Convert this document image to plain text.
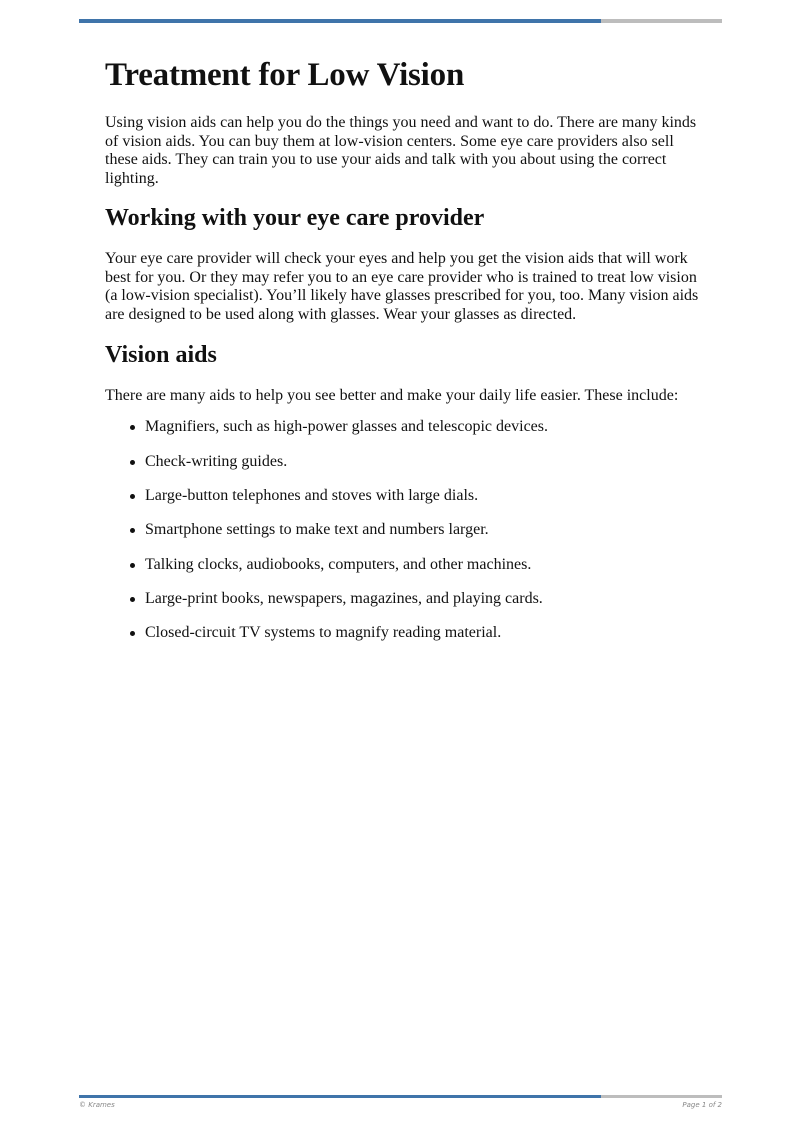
Treatment for Low Vision

Using vision aids can help you do the things you need and want to do. There are many kinds of vision aids. You can buy them at low-vision centers. Some eye care providers also sell these aids. They can train you to use your aids and talk with you about using the correct lighting.

Working with your eye care provider

Your eye care provider will check your eyes and help you get the vision aids that will work best for you. Or they may refer you to an eye care provider who is trained to treat low vision (a low-vision specialist). You’ll likely have glasses prescribed for you, too. Many vision aids are designed to be used along with glasses. Wear your glasses as directed.

Vision aids

There are many aids to help you see better and make your daily life easier. These include:

Magnifiers, such as high-power glasses and telescopic devices.
Check-writing guides.
Large-button telephones and stoves with large dials.
Smartphone settings to make text and numbers larger.
Talking clocks, audiobooks, computers, and other machines.
Large-print books, newspapers, magazines, and playing cards.
Closed-circuit TV systems to magnify reading material.
© Krames	Page 1 of 2
